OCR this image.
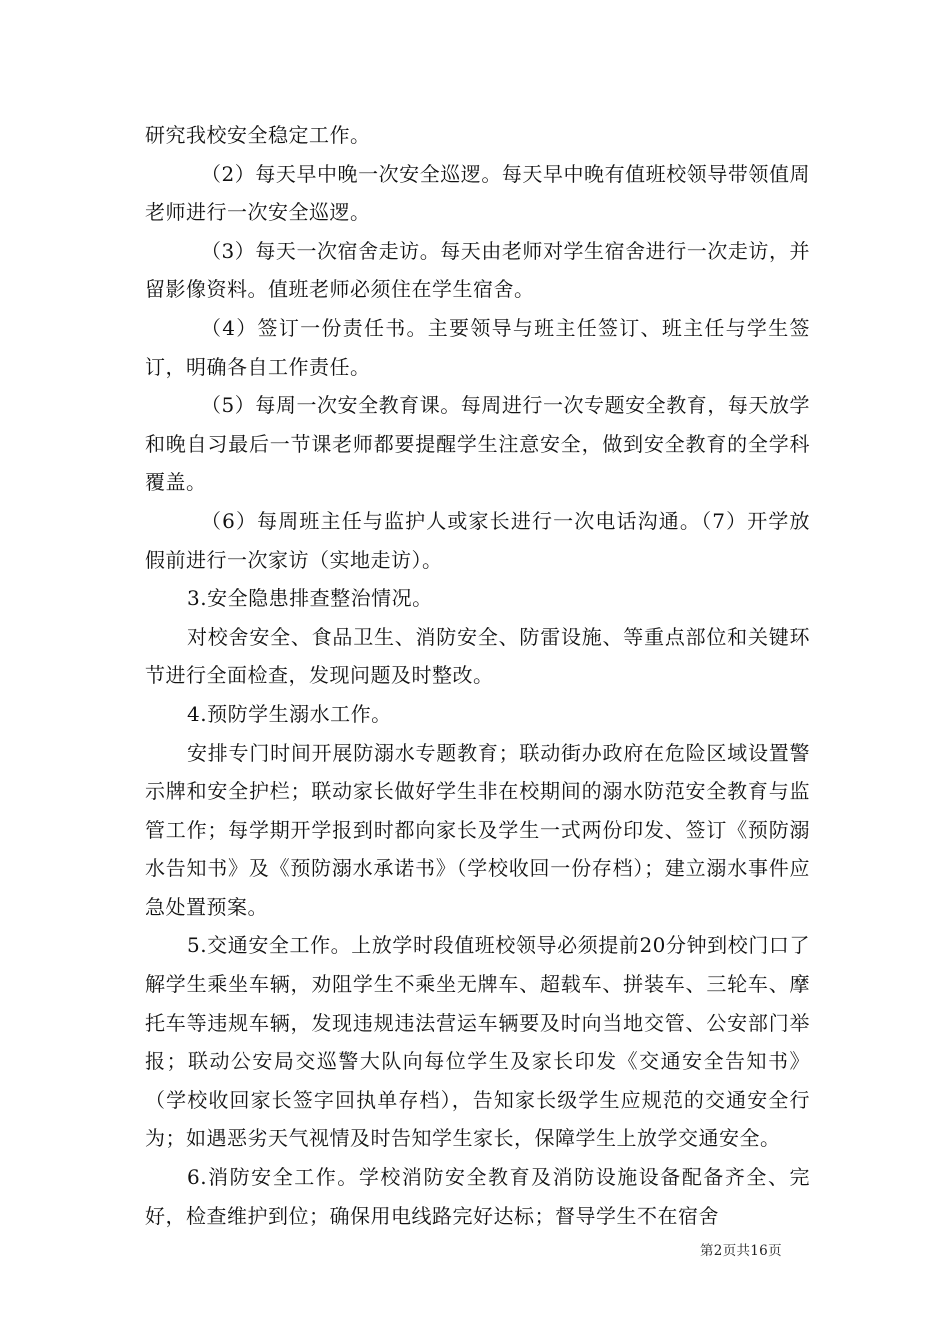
研究我校安全稳定工作。

（2）每天早中晚一次安全巡逻。每天早中晚有值班校领导带领值周老师进行一次安全巡逻。

（3）每天一次宿舍走访。每天由老师对学生宿舍进行一次走访，并留影像资料。值班老师必须住在学生宿舍。

（4）签订一份责任书。主要领导与班主任签订、班主任与学生签订，明确各自工作责任。

（5）每周一次安全教育课。每周进行一次专题安全教育，每天放学和晚自习最后一节课老师都要提醒学生注意安全，做到安全教育的全学科覆盖。

（6）每周班主任与监护人或家长进行一次电话沟通。（7）开学放假前进行一次家访（实地走访）。

3.安全隐患排查整治情况。

对校舍安全、食品卫生、消防安全、防雷设施、等重点部位和关键环节进行全面检查，发现问题及时整改。

4.预防学生溺水工作。

安排专门时间开展防溺水专题教育；联动街办政府在危险区域设置警示牌和安全护栏；联动家长做好学生非在校期间的溺水防范安全教育与监管工作；每学期开学报到时都向家长及学生一式两份印发、签订《预防溺水告知书》及《预防溺水承诺书》（学校收回一份存档）；建立溺水事件应急处置预案。

5.交通安全工作。上放学时段值班校领导必须提前20分钟到校门口了解学生乘坐车辆，劝阻学生不乘坐无牌车、超载车、拼装车、三轮车、摩托车等违规车辆，发现违规违法营运车辆要及时向当地交管、公安部门举报；联动公安局交巡警大队向每位学生及家长印发《交通安全告知书》（学校收回家长签字回执单存档），告知家长级学生应规范的交通安全行为；如遇恶劣天气视情及时告知学生家长，保障学生上放学交通安全。

6.消防安全工作。学校消防安全教育及消防设施设备配备齐全、完好，检查维护到位；确保用电线路完好达标；督导学生不在宿舍

第2页共16页
